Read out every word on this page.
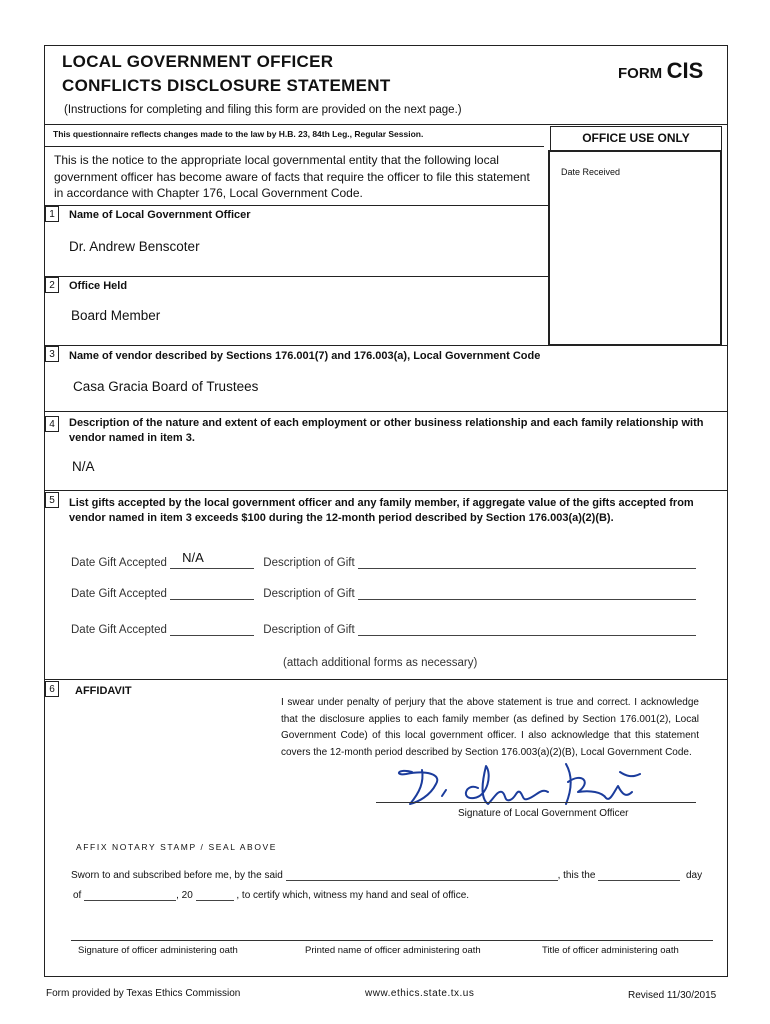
LOCAL GOVERNMENT OFFICER
CONFLICTS DISCLOSURE STATEMENT
FORM CIS
(Instructions for completing and filing this form are provided on the next page.)
This questionnaire reflects changes made to the law by H.B. 23, 84th Leg., Regular Session.	OFFICE USE ONLY
Date Received
This is the notice to the appropriate local governmental entity that the following local government officer has become aware of facts that require the officer to file this statement in accordance with Chapter 176, Local Government Code.
1	Name of Local Government Officer
Dr. Andrew Benscoter
2	Office Held
Board Member
3	Name of vendor described by Sections 176.001(7) and 176.003(a), Local Government Code
Casa Gracia Board of Trustees
4	Description of the nature and extent of each employment or other business relationship and each family relationship with vendor named in item 3.
N/A
5	List gifts accepted by the local government officer and any family member, if aggregate value of the gifts accepted from vendor named in item 3 exceeds $100 during the 12-month period described by Section 176.003(a)(2)(B).
Date Gift Accepted N/A	Description of Gift
Date Gift Accepted	Description of Gift
Date Gift Accepted	Description of Gift
(attach additional forms as necessary)
6	AFFIDAVIT
I swear under penalty of perjury that the above statement is true and correct. I acknowledge that the disclosure applies to each family member (as defined by Section 176.001(2), Local Government Code) of this local government officer. I also acknowledge that this statement covers the 12-month period described by Section 176.003(a)(2)(B), Local Government Code.
Signature of Local Government Officer
AFFIX NOTARY STAMP / SEAL ABOVE
Sworn to and subscribed before me, by the said	, this the	day
of	, 20	, to certify which, witness my hand and seal of office.
Signature of officer administering oath	Printed name of officer administering oath	Title of officer administering oath
Form provided by Texas Ethics Commission	www.ethics.state.tx.us	Revised 11/30/2015
